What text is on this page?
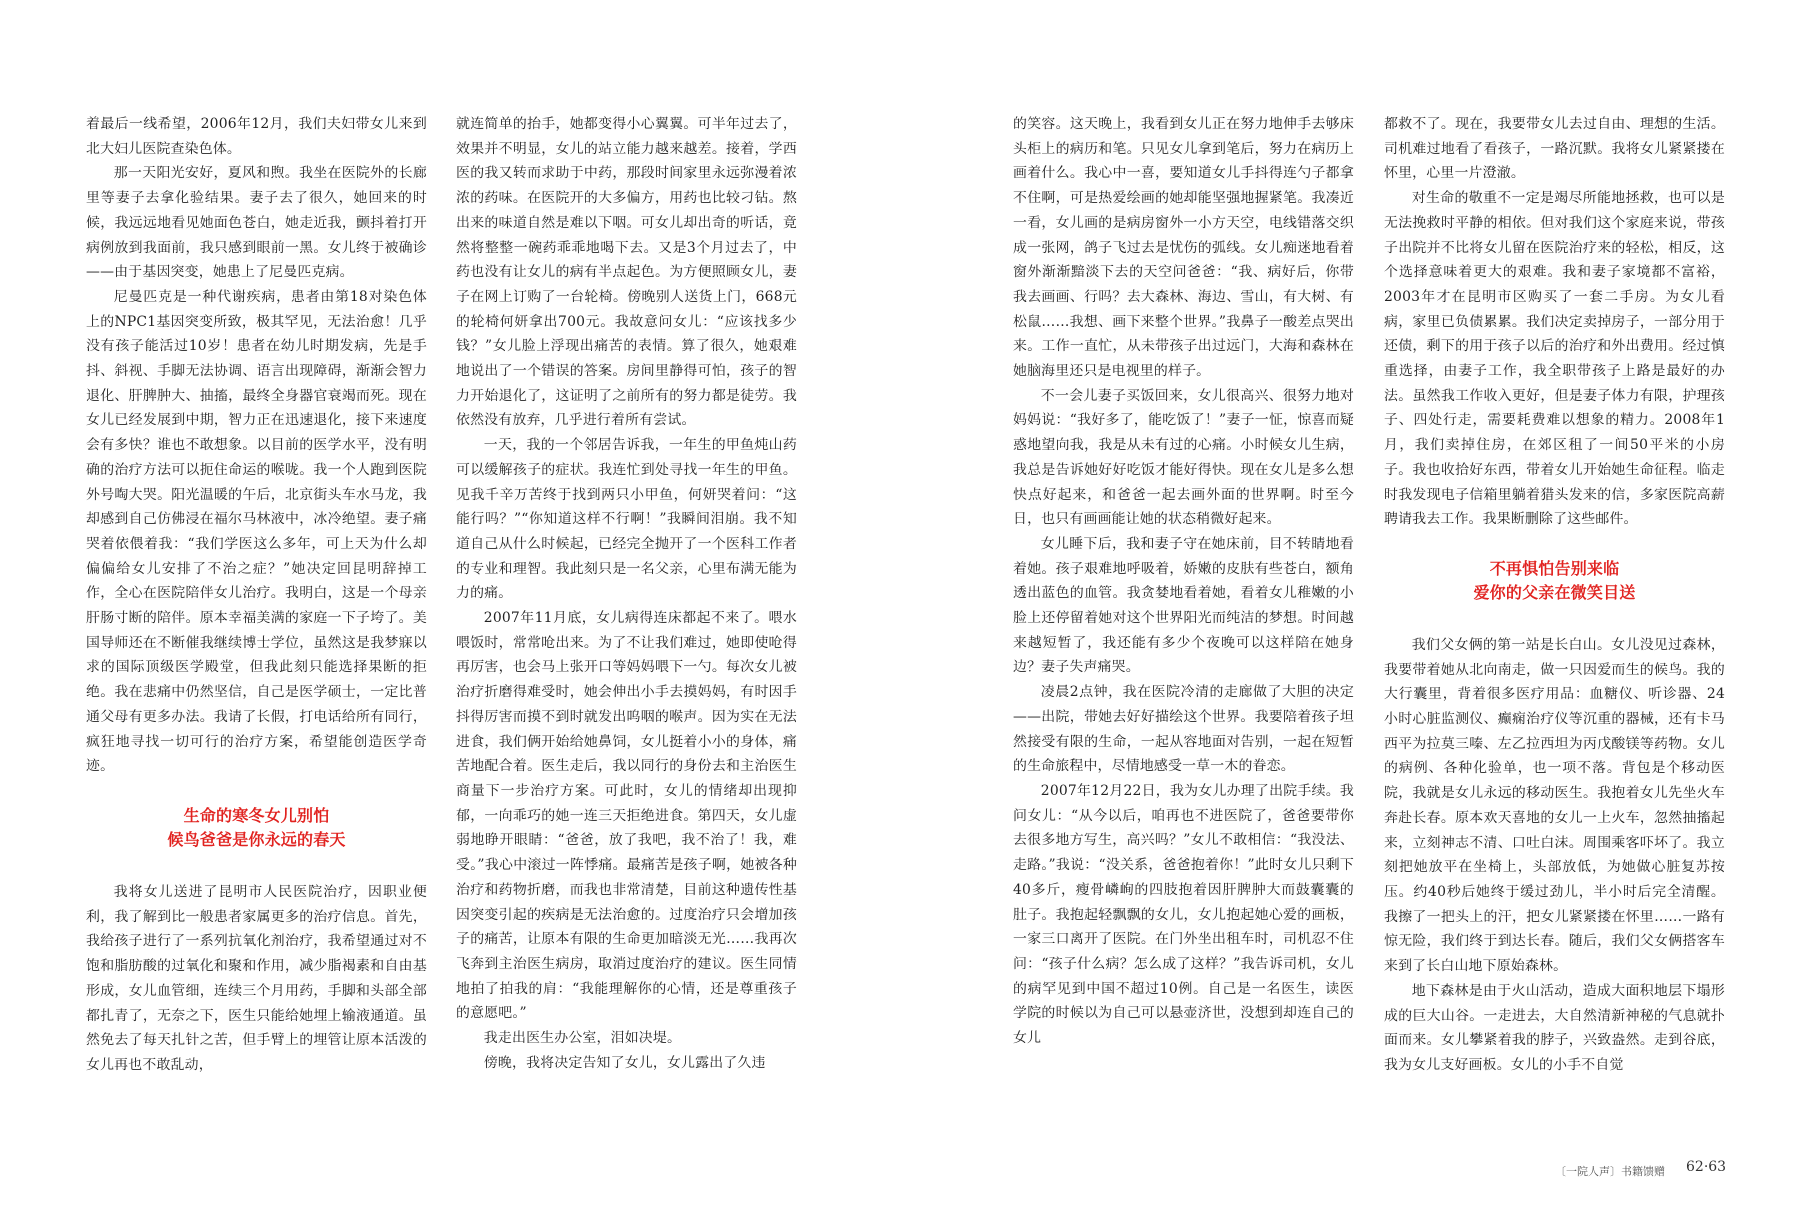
着最后一线希望，2006年12月，我们夫妇带女儿来到北大妇儿医院查染色体。

那一天阳光安好，夏风和煦。我坐在医院外的长廊里等妻子去拿化验结果。妻子去了很久，她回来的时候，我远远地看见她面色苍白，她走近我，颤抖着打开病例放到我面前，我只感到眼前一黑。女儿终于被确诊——由于基因突变，她患上了尼曼匹克病。

尼曼匹克是一种代谢疾病，患者由第18对染色体上的NPC1基因突变所致，极其罕见，无法治愈！几乎没有孩子能活过10岁！患者在幼儿时期发病，先是手抖、斜视、手脚无法协调、语言出现障碍，渐渐会智力退化、肝脾肿大、抽搐，最终全身器官衰竭而死。现在女儿已经发展到中期，智力正在迅速退化，接下来速度会有多快？谁也不敢想象。以目前的医学水平，没有明确的治疗方法可以扼住命运的喉咙。我一个人跑到医院外号啕大哭。阳光温暖的午后，北京街头车水马龙，我却感到自己仿佛浸在福尔马林液中，冰冷绝望。妻子痛哭着依偎着我：“我们学医这么多年，可上天为什么却偏偏给女儿安排了不治之症？”她决定回昆明辞掉工作，全心在医院陪伴女儿治疗。我明白，这是一个母亲肝肠寸断的陪伴。原本幸福美满的家庭一下子垮了。美国导师还在不断催我继续博士学位，虽然这是我梦寐以求的国际顶级医学殿堂，但我此刻只能选择果断的拒绝。我在悲痛中仍然坚信，自己是医学硕士，一定比普通父母有更多办法。我请了长假，打电话给所有同行，疯狂地寻找一切可行的治疗方案，希望能创造医学奇迹。

生命的寒冬女儿别怕

候鸟爸爸是你永远的春天

我将女儿送进了昆明市人民医院治疗，因职业便利，我了解到比一般患者家属更多的治疗信息。首先，我给孩子进行了一系列抗氧化剂治疗，我希望通过对不饱和脂肪酸的过氧化和聚和作用，减少脂褐素和自由基形成，女儿血管细，连续三个月用药，手脚和头部全部都扎青了，无奈之下，医生只能给她埋上输液通道。虽然免去了每天扎针之苦，但手臂上的埋管让原本活泼的女儿再也不敢乱动，

就连简单的抬手，她都变得小心翼翼。可半年过去了，效果并不明显，女儿的站立能力越来越差。接着，学西医的我又转而求助于中药，那段时间家里永远弥漫着浓浓的药味。在医院开的大多偏方，用药也比较刁钻。熬出来的味道自然是难以下咽。可女儿却出奇的听话，竟然将整整一碗药乖乖地喝下去。又是3个月过去了，中药也没有让女儿的病有半点起色。为方便照顾女儿，妻子在网上订购了一台轮椅。傍晚别人送货上门，668元的轮椅何妍拿出700元。我故意问女儿：“应该找多少钱？”女儿脸上浮现出痛苦的表情。算了很久，她艰难地说出了一个错误的答案。房间里静得可怕，孩子的智力开始退化了，这证明了之前所有的努力都是徒劳。我依然没有放弃，几乎进行着所有尝试。

一天，我的一个邻居告诉我，一年生的甲鱼炖山药可以缓解孩子的症状。我连忙到处寻找一年生的甲鱼。见我千辛万苦终于找到两只小甲鱼，何妍哭着问：“这能行吗？”“你知道这样不行啊！”我瞬间泪崩。我不知道自己从什么时候起，已经完全抛开了一个医科工作者的专业和理智。我此刻只是一名父亲，心里布满无能为力的痛。

2007年11月底，女儿病得连床都起不来了。喂水喂饭时，常常呛出来。为了不让我们难过，她即使呛得再厉害，也会马上张开口等妈妈喂下一勺。每次女儿被治疗折磨得难受时，她会伸出小手去摸妈妈，有时因手抖得厉害而摸不到时就发出呜咽的喉声。因为实在无法进食，我们俩开始给她鼻饲，女儿挺着小小的身体，痛苦地配合着。医生走后，我以同行的身份去和主治医生商量下一步治疗方案。可此时，女儿的情绪却出现抑郁，一向乖巧的她一连三天拒绝进食。第四天，女儿虚弱地睁开眼睛：“爸爸，放了我吧，我不治了！我，难受。”我心中滚过一阵悸痛。最痛苦是孩子啊，她被各种治疗和药物折磨，而我也非常清楚，目前这种遗传性基因突变引起的疾病是无法治愈的。过度治疗只会增加孩子的痛苦，让原本有限的生命更加暗淡无光……我再次飞奔到主治医生病房，取消过度治疗的建议。医生同情地拍了拍我的肩：“我能理解你的心情，还是尊重孩子的意愿吧。”

我走出医生办公室，泪如决堤。

傍晚，我将决定告知了女儿，女儿露出了久违

的笑容。这天晚上，我看到女儿正在努力地伸手去够床头柜上的病历和笔。只见女儿拿到笔后，努力在病历上画着什么。我心中一喜，要知道女儿手抖得连勺子都拿不住啊，可是热爱绘画的她却能坚强地握紧笔。我凑近一看，女儿画的是病房窗外一小方天空，电线错落交织成一张网，鸽子飞过去是忧伤的弧线。女儿痴迷地看着窗外渐渐黯淡下去的天空问爸爸：“我、病好后，你带我去画画、行吗？去大森林、海边、雪山，有大树、有松鼠……我想、画下来整个世界。”我鼻子一酸差点哭出来。工作一直忙，从未带孩子出过远门，大海和森林在她脑海里还只是电视里的样子。

不一会儿妻子买饭回来，女儿很高兴、很努力地对妈妈说：“我好多了，能吃饭了！”妻子一怔，惊喜而疑惑地望向我，我是从未有过的心痛。小时候女儿生病，我总是告诉她好好吃饭才能好得快。现在女儿是多么想快点好起来，和爸爸一起去画外面的世界啊。时至今日，也只有画画能让她的状态稍微好起来。

女儿睡下后，我和妻子守在她床前，目不转睛地看着她。孩子艰难地呼吸着，娇嫩的皮肤有些苍白，额角透出蓝色的血管。我贪婪地看着她，看着女儿稚嫩的小脸上还停留着她对这个世界阳光而纯洁的梦想。时间越来越短暂了，我还能有多少个夜晚可以这样陪在她身边？妻子失声痛哭。

凌晨2点钟，我在医院冷清的走廊做了大胆的决定——出院，带她去好好描绘这个世界。我要陪着孩子坦然接受有限的生命，一起从容地面对告别，一起在短暂的生命旅程中，尽情地感受一草一木的眷恋。

2007年12月22日，我为女儿办理了出院手续。我问女儿：“从今以后，咱再也不进医院了，爸爸要带你去很多地方写生，高兴吗？”女儿不敢相信：“我没法、走路。”我说：“没关系，爸爸抱着你！”此时女儿只剩下40多斤，瘦骨嶙峋的四肢抱着因肝脾肿大而鼓囊囊的肚子。我抱起轻飘飘的女儿，女儿抱起她心爱的画板，一家三口离开了医院。在门外坐出租车时，司机忍不住问：“孩子什么病？怎么成了这样？”我告诉司机，女儿的病罕见到中国不超过10例。自己是一名医生，读医学院的时候以为自己可以悬壶济世，没想到却连自己的女儿

都救不了。现在，我要带女儿去过自由、理想的生活。司机难过地看了看孩子，一路沉默。我将女儿紧紧搂在怀里，心里一片澄澈。

对生命的敬重不一定是竭尽所能地拯救，也可以是无法挽救时平静的相依。但对我们这个家庭来说，带孩子出院并不比将女儿留在医院治疗来的轻松，相反，这个选择意味着更大的艰难。我和妻子家境都不富裕，2003年才在昆明市区购买了一套二手房。为女儿看病，家里已负债累累。我们决定卖掉房子，一部分用于还债，剩下的用于孩子以后的治疗和外出费用。经过慎重选择，由妻子工作，我全职带孩子上路是最好的办法。虽然我工作收入更好，但是妻子体力有限，护理孩子、四处行走，需要耗费难以想象的精力。2008年1月，我们卖掉住房，在郊区租了一间50平米的小房子。我也收拾好东西，带着女儿开始她生命征程。临走时我发现电子信箱里躺着猎头发来的信，多家医院高薪聘请我去工作。我果断删除了这些邮件。

不再惧怕告别来临

爱你的父亲在微笑目送

我们父女俩的第一站是长白山。女儿没见过森林，我要带着她从北向南走，做一只因爱而生的候鸟。我的大行囊里，背着很多医疗用品：血糖仪、听诊器、24小时心脏监测仪、癫痫治疗仪等沉重的器械，还有卡马西平为拉莫三嗪、左乙拉西坦为丙戊酸镁等药物。女儿的病例、各种化验单，也一项不落。背包是个移动医院，我就是女儿永远的移动医生。我抱着女儿先坐火车奔赴长春。原本欢天喜地的女儿一上火车，忽然抽搐起来，立刻神志不清、口吐白沫。周围乘客吓坏了。我立刻把她放平在坐椅上，头部放低，为她做心脏复苏按压。约40秒后她终于缓过劲儿，半小时后完全清醒。我擦了一把头上的汗，把女儿紧紧搂在怀里……一路有惊无险，我们终于到达长春。随后，我们父女俩搭客车来到了长白山地下原始森林。

地下森林是由于火山活动，造成大面积地层下塌形成的巨大山谷。一走进去，大自然清新神秘的气息就扑面而来。女儿攀紧着我的脖子，兴致盎然。走到谷底，我为女儿支好画板。女儿的小手不自觉

〔一院人声〕书籍馈赠 62·63
